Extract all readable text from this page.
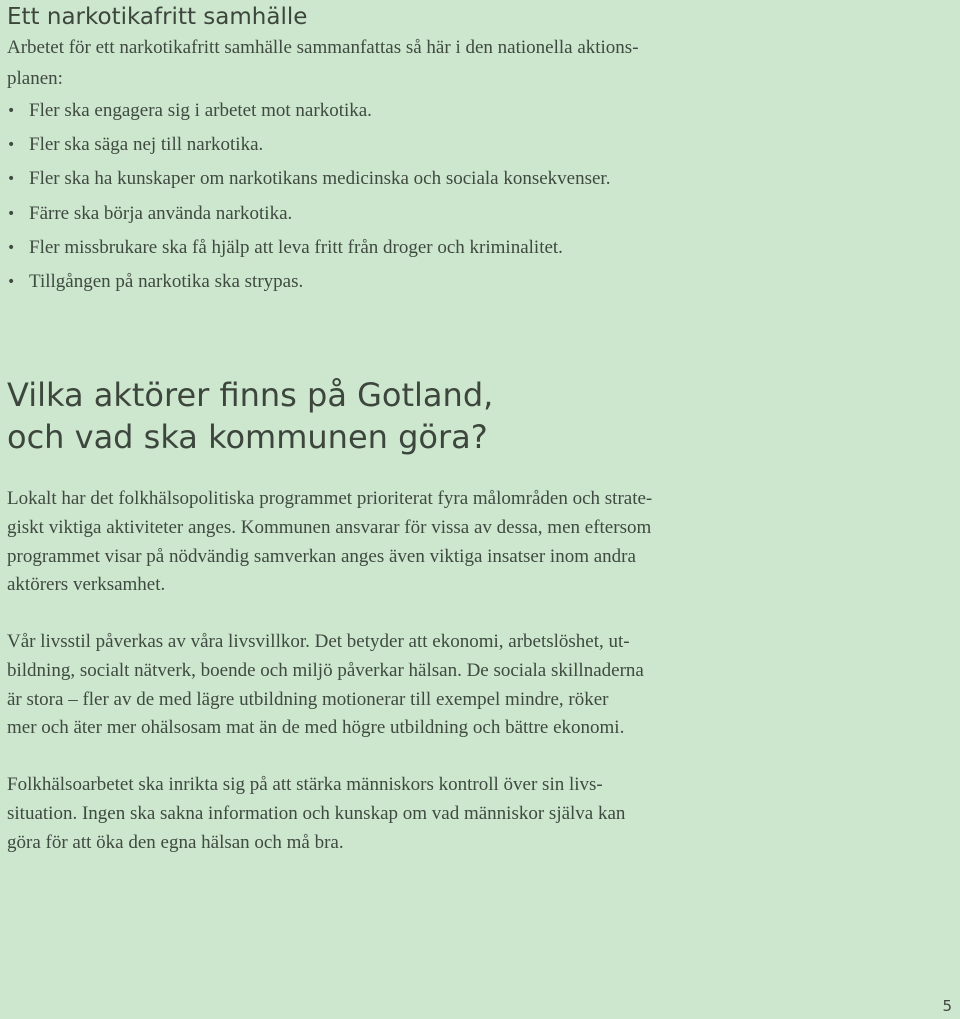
Ett narkotikafritt samhälle

Arbetet för ett narkotikafritt samhälle sammanfattas så här i den nationella aktions-
planen:

• Fler ska engagera sig i arbetet mot narkotika.
• Fler ska säga nej till narkotika.
• Fler ska ha kunskaper om narkotikans medicinska och sociala konsekvenser.
• Färre ska börja använda narkotika.
• Fler missbrukare ska få hjälp att leva fritt från droger och kriminalitet.
• Tillgången på narkotika ska strypas.
Vilka aktörer finns på Gotland,
och vad ska kommunen göra?

Lokalt har det folkhälsopolitiska programmet prioriterat fyra målområden och strate-
giskt viktiga aktiviteter anges. Kommunen ansvarar för vissa av dessa, men eftersom
programmet visar på nödvändig samverkan anges även viktiga insatser inom andra
aktörers verksamhet.

Vår livsstil påverkas av våra livsvillkor. Det betyder att ekonomi, arbetslöshet, ut-
bildning, socialt nätverk, boende och miljö påverkar hälsan. De sociala skillnaderna
är stora – fler av de med lägre utbildning motionerar till exempel mindre, röker
mer och äter mer ohälsosam mat än de med högre utbildning och bättre ekonomi.

Folkhälsoarbetet ska inrikta sig på att stärka människors kontroll över sin livs-
situation. Ingen ska sakna information och kunskap om vad människor själva kan
göra för att öka den egna hälsan och må bra.

5
